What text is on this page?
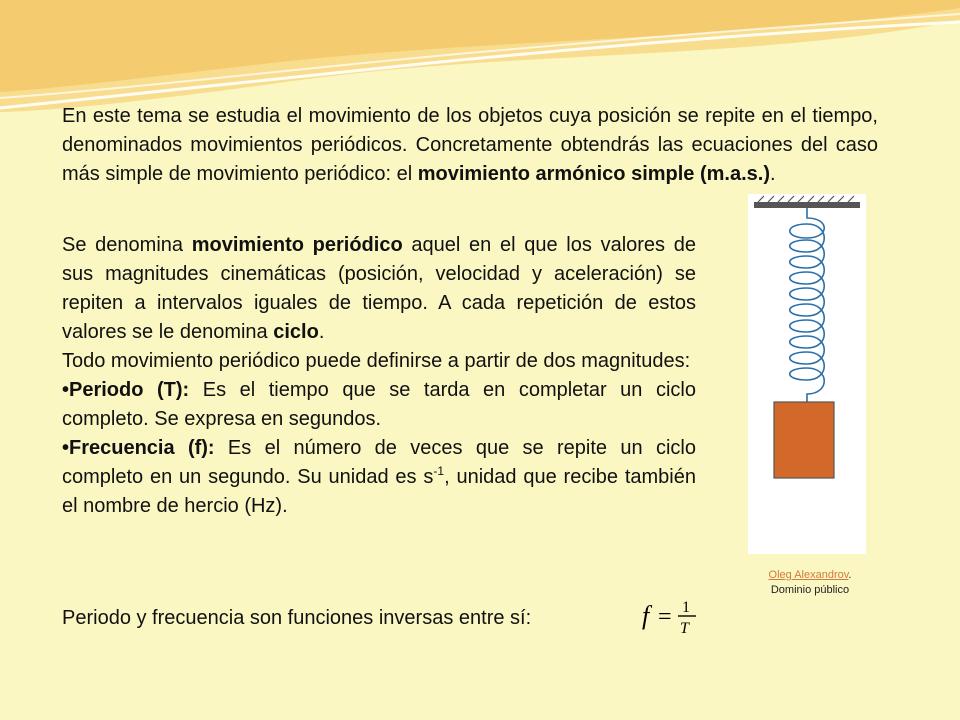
En este tema se estudia el movimiento de los objetos cuya posición se repite en el tiempo, denominados movimientos periódicos. Concretamente obtendrás las ecuaciones del caso más simple de movimiento periódico: el movimiento armónico simple (m.a.s.).

Se denomina movimiento periódico aquel en el que los valores de sus magnitudes cinemáticas (posición, velocidad y aceleración) se repiten a intervalos iguales de tiempo. A cada repetición de estos valores se le denomina ciclo.
Todo movimiento periódico puede definirse a partir de dos magnitudes:
•Periodo (T): Es el tiempo que se tarda en completar un ciclo completo. Se expresa en segundos.
•Frecuencia (f): Es el número de veces que se repite un ciclo completo en un segundo. Su unidad es $s^{-1}$, unidad que recibe también el nombre de hercio (Hz).
Periodo y frecuencia son funciones inversas entre sí:	f = 1
T
Oleg Alexandrov.
Dominio público
